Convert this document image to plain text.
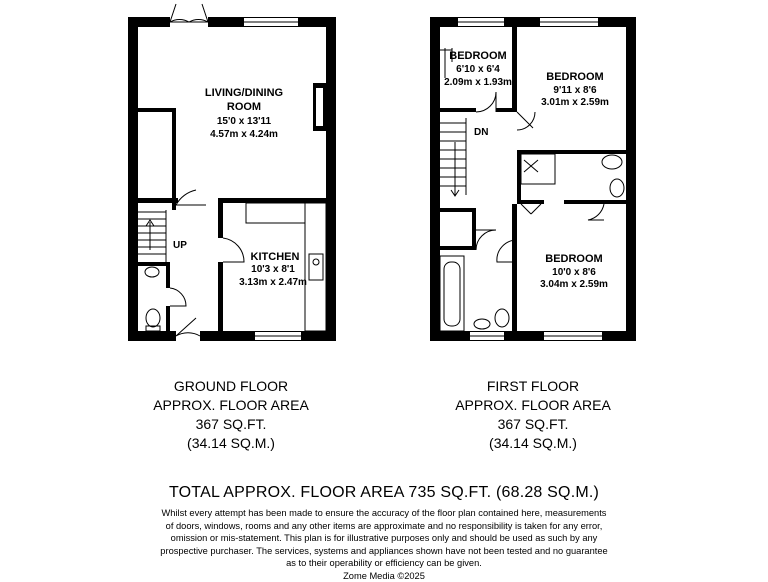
LIVING/DINING
ROOM
15'0 x 13'11
4.57m x 4.24m
KITCHEN
10'3 x 8'1
3.13m x 2.47m
UP
BEDROOM
6'10 x 6'4
2.09m x 1.93m	BEDROOM
9'11 x 8'6
3.01m x 2.59m
BEDROOM
10'0 x 8'6
3.04m x 2.59m
DN
GROUND FLOOR
APPROX. FLOOR AREA
367 SQ.FT.
(34.14 SQ.M.)
FIRST FLOOR
APPROX. FLOOR AREA
367 SQ.FT.
(34.14 SQ.M.)
TOTAL APPROX. FLOOR AREA 735 SQ.FT. (68.28 SQ.M.)
Whilst every attempt has been made to ensure the accuracy of the floor plan contained here, measurements
of doors, windows, rooms and any other items are approximate and no responsibility is taken for any error,
omission or mis-statement. This plan is for illustrative purposes only and should be used as such by any
prospective purchaser. The services, systems and appliances shown have not been tested and no guarantee
as to their operability or efficiency can be given.
Zome Media ©2025
